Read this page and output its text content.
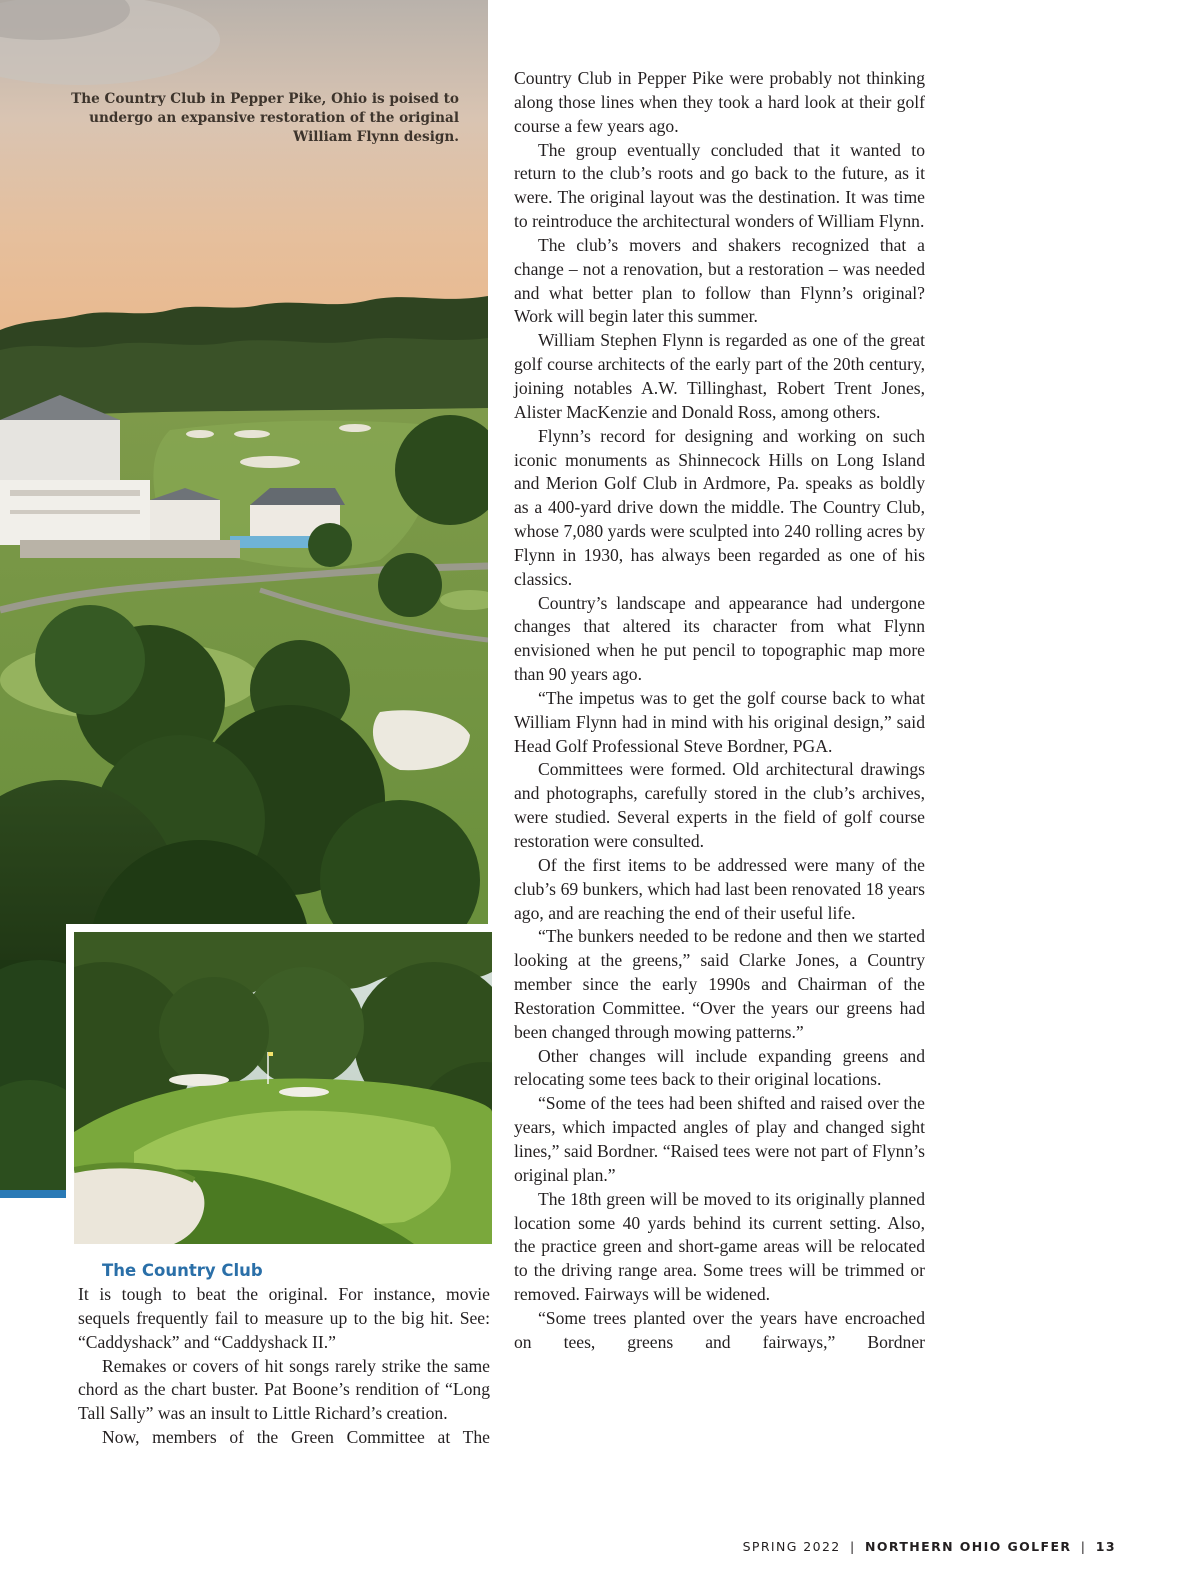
The Country Club in Pepper Pike, Ohio is poised to undergo an expansive restoration of the original William Flynn design.

The Country Club

It is tough to beat the original. For instance, movie sequels frequently fail to measure up to the big hit. See: “Caddyshack” and “Caddyshack II.”

Remakes or covers of hit songs rarely strike the same chord as the chart buster. Pat Boone’s rendition of “Long Tall Sally” was an insult to Little Richard’s creation.

Now, members of the Green Committee at The

Country Club in Pepper Pike were probably not thinking along those lines when they took a hard look at their golf course a few years ago.

The group eventually concluded that it wanted to return to the club’s roots and go back to the future, as it were. The original layout was the destination. It was time to reintroduce the architectural wonders of William Flynn.

The club’s movers and shakers recognized that a change – not a renovation, but a restoration – was needed and what better plan to follow than Flynn’s original? Work will begin later this summer.

William Stephen Flynn is regarded as one of the great golf course architects of the early part of the 20th century, joining notables A.W. Tillinghast, Robert Trent Jones, Alister MacKenzie and Donald Ross, among others.

Flynn’s record for designing and working on such iconic monuments as Shinnecock Hills on Long Island and Merion Golf Club in Ardmore, Pa. speaks as boldly as a 400-yard drive down the middle. The Country Club, whose 7,080 yards were sculpted into 240 rolling acres by Flynn in 1930, has always been regarded as one of his classics.

Country’s landscape and appearance had undergone changes that altered its character from what Flynn envisioned when he put pencil to topographic map more than 90 years ago.

“The impetus was to get the golf course back to what William Flynn had in mind with his original design,” said Head Golf Professional Steve Bordner, PGA.

Committees were formed. Old architectural drawings and photographs, carefully stored in the club’s archives, were studied. Several experts in the field of golf course restoration were consulted.

Of the first items to be addressed were many of the club’s 69 bunkers, which had last been renovated 18 years ago, and are reaching the end of their useful life.

“The bunkers needed to be redone and then we started looking at the greens,” said Clarke Jones, a Country member since the early 1990s and Chairman of the Restoration Committee. “Over the years our greens had been changed through mowing patterns.”

Other changes will include expanding greens and relocating some tees back to their original locations.

“Some of the tees had been shifted and raised over the years, which impacted angles of play and changed sight lines,” said Bordner. “Raised tees were not part of Flynn’s original plan.”

The 18th green will be moved to its originally planned location some 40 yards behind its current setting. Also, the practice green and short-game areas will be relocated to the driving range area. Some trees will be trimmed or removed. Fairways will be widened.

“Some trees planted over the years have encroached on tees, greens and fairways,” Bordner

SPRING 2022 | NORTHERN OHIO GOLFER | 13
